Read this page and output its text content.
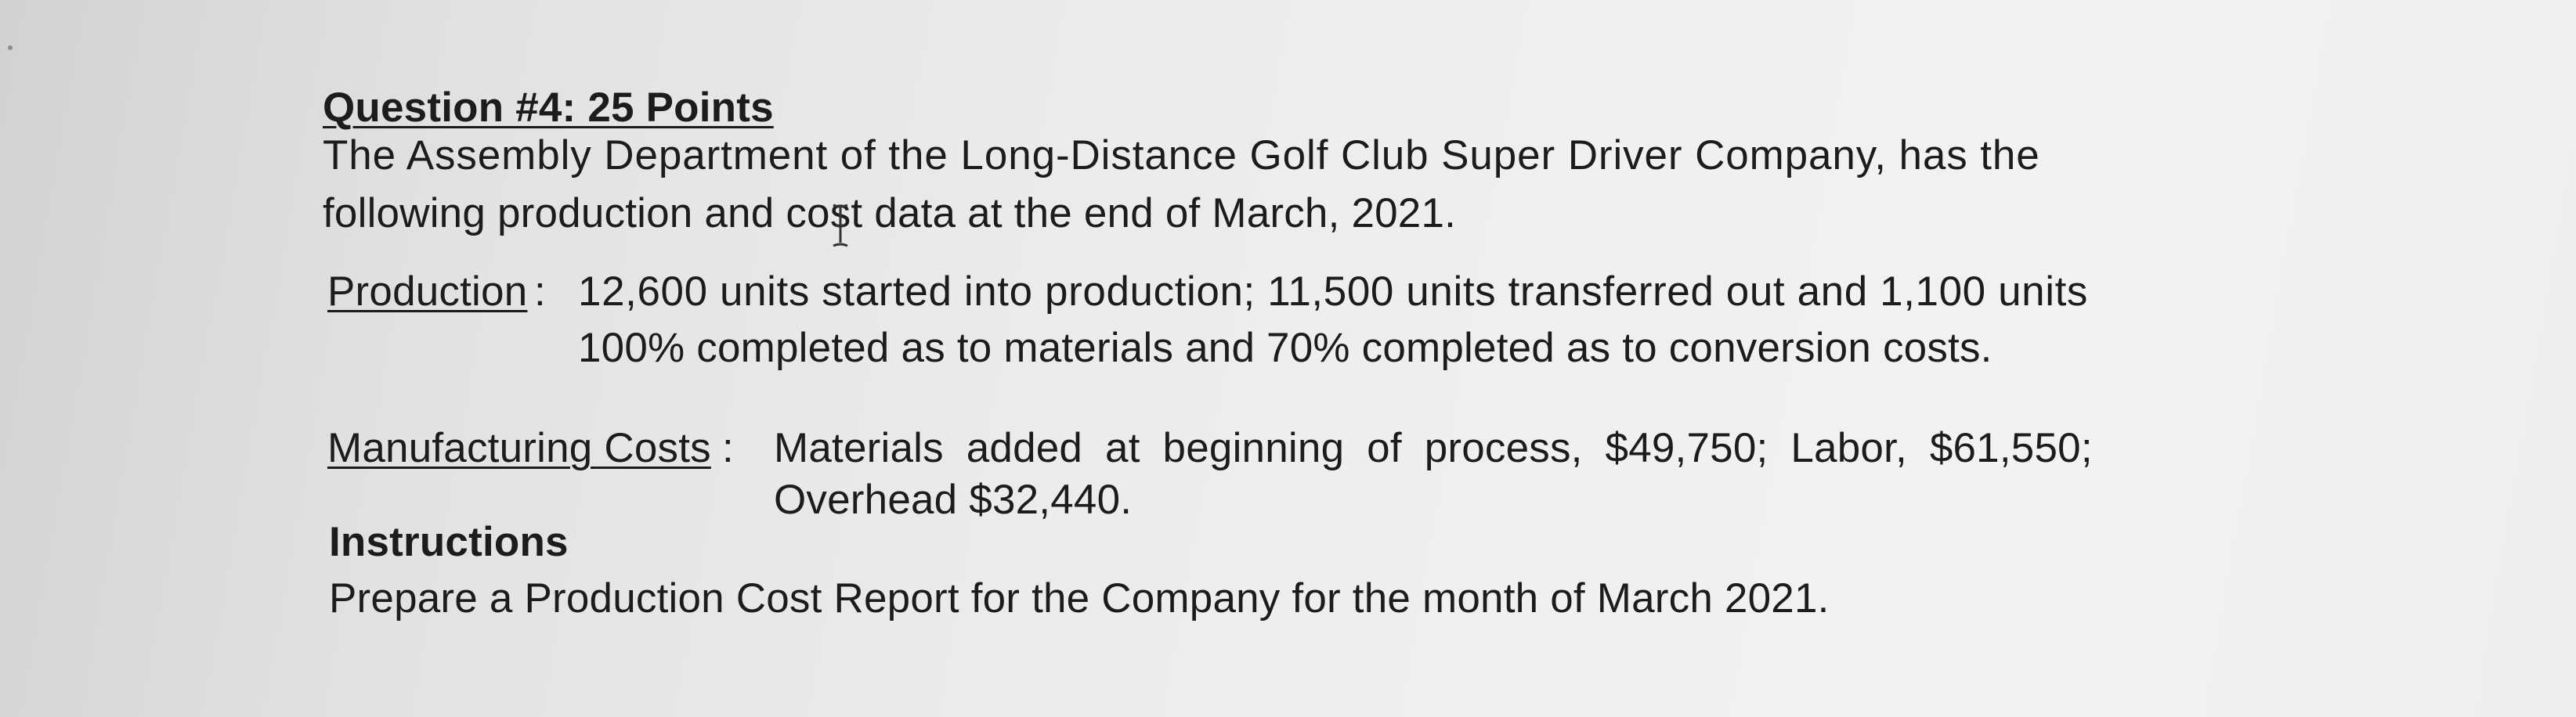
Question #4: 25 Points
The Assembly Department of the Long-Distance Golf Club Super Driver Company, has the
following production and cost data at the end of March, 2021.
Production : 12,600 units started into production; 11,500 units transferred out and 1,100 units
100% completed as to materials and 70% completed as to conversion costs.
Manufacturing Costs : Materials added at beginning of process, $49,750; Labor, $61,550;
Overhead $32,440.
Instructions
Prepare a Production Cost Report for the Company for the month of March 2021.
